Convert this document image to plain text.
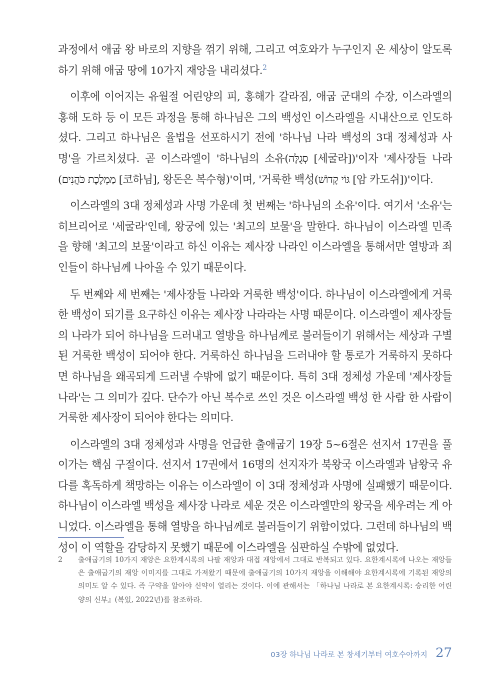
과정에서 애굽 왕 바로의 지향을 꺾기 위해, 그리고 여호와가 누구인지 온 세상이 알도록 하기 위해 애굽 땅에 10가지 재앙을 내리셨다.$^2$

이후에 이어지는 유월절 어린양의 피, 홍해가 갈라짐, 애굽 군대의 수장, 이스라엘의 홍해 도하 등 이 모든 과정을 통해 하나님은 그의 백성인 이스라엘을 시내산으로 인도하셨다. 그리고 하나님은 율법을 선포하시기 전에 '하나님 나라 백성의 3대 정체성과 사명'을 가르치셨다. 곧 이스라엘이 '하나님의 소유(סְגֻלָּה [세굴라])'이자 '제사장들 나라(מַמְלֶכֶת כֹּהֲנִים [코하님], 왕돈은 복수형)'이며, '거룩한 백성(גּוֹי קָדוֹשׁ [암 카도쉬])'이다.

이스라엘의 3대 정체성과 사명 가운데 첫 번째는 '하나님의 소유'이다. 여기서 '소유'는 히브리어로 '세굴라'인데, 왕궁에 있는 '최고의 보물'을 말한다. 하나님이 이스라엘 민족을 향해 '최고의 보물'이라고 하신 이유는 제사장 나라인 이스라엘을 통해서만 열방과 죄인들이 하나님께 나아올 수 있기 때문이다.

두 번째와 세 번째는 '제사장들 나라와 거룩한 백성'이다. 하나님이 이스라엘에게 거룩한 백성이 되기를 요구하신 이유는 제사장 나라라는 사명 때문이다. 이스라엘이 제사장들의 나라가 되어 하나님을 드러내고 열방을 하나님께로 불러들이기 위해서는 세상과 구별된 거룩한 백성이 되어야 한다. 거룩하신 하나님을 드러내야 할 통로가 거룩하지 못하다면 하나님을 왜곡되게 드러낼 수밖에 없기 때문이다. 특히 3대 정체성 가운데 '제사장들 나라'는 그 의미가 깊다. 단수가 아닌 복수로 쓰인 것은 이스라엘 백성 한 사람 한 사람이 거룩한 제사장이 되어야 한다는 의미다.

이스라엘의 3대 정체성과 사명을 언급한 출애굽기 19장 5~6절은 선지서 17권을 풀이가는 핵심 구절이다. 선지서 17권에서 16명의 선지자가 북왕국 이스라엘과 남왕국 유다를 혹독하게 책망하는 이유는 이스라엘이 이 3대 정체성과 사명에 실패했기 때문이다. 하나님이 이스라엘 백성을 제사장 나라로 세운 것은 이스라엘만의 왕국을 세우려는 게 아니었다. 이스라엘을 통해 열방을 하나님께로 불러들이기 위함이었다. 그런데 하나님의 백성이 이 역할을 감당하지 못했기 때문에 이스라엘을 심판하실 수밖에 없었다.

2	출애굽기의 10가지 재앙은 요한계시록의 나팔 재앙과 대접 재앙에서 그대로 반복되고 있다. 요한계시록에 나오는 재앙들은 출애굽기의 재앙 이미지를 그대로 가져왔기 때문에 출애굽기의 10가지 재앙을 이해해야 요한계시록에 기록된 재앙의 의미도 알 수 있다. 즉 구약을 알아야 신약이 열리는 것이다. 이에 관해서는 「하나님 나라로 본 요한계시록: 승리한 어린양의 신부』(복있, 2022년)를 참조하라.
03장 하나님 나라로 본 창세기부터 여호수아까지 27
